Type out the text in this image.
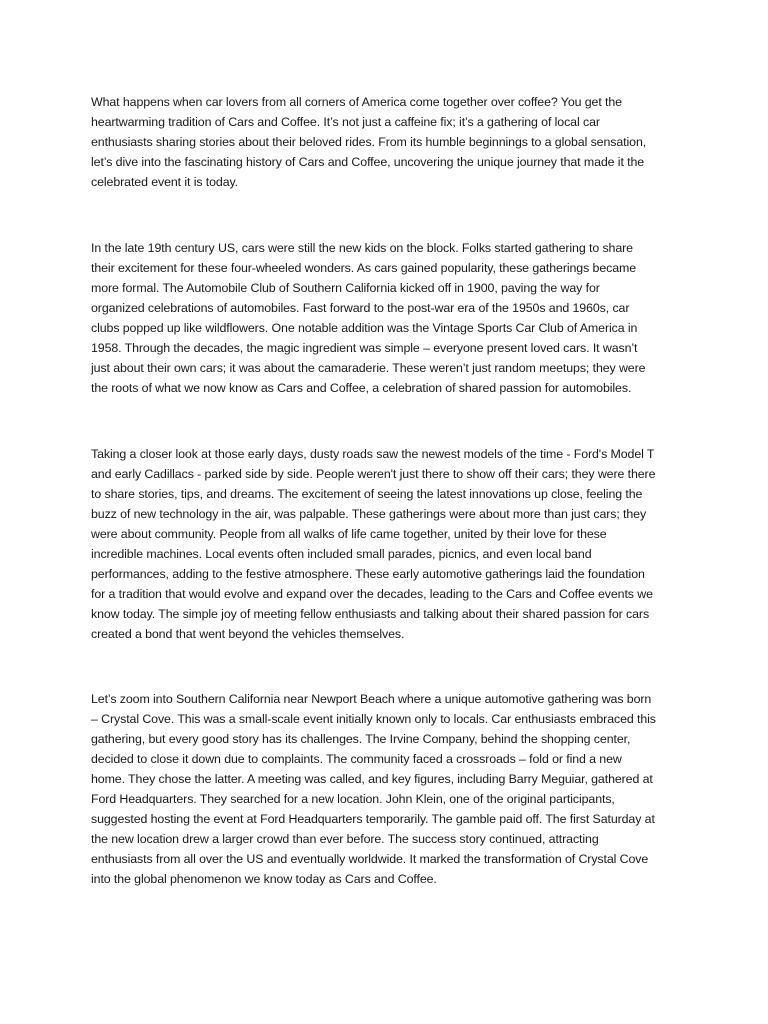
What happens when car lovers from all corners of America come together over coffee? You get the
heartwarming tradition of Cars and Coffee. It’s not just a caffeine fix; it’s a gathering of local car
enthusiasts sharing stories about their beloved rides. From its humble beginnings to a global sensation,
let’s dive into the fascinating history of Cars and Coffee, uncovering the unique journey that made it the
celebrated event it is today.

In the late 19th century US, cars were still the new kids on the block. Folks started gathering to share
their excitement for these four-wheeled wonders. As cars gained popularity, these gatherings became
more formal. The Automobile Club of Southern California kicked off in 1900, paving the way for
organized celebrations of automobiles. Fast forward to the post-war era of the 1950s and 1960s, car
clubs popped up like wildflowers. One notable addition was the Vintage Sports Car Club of America in
1958. Through the decades, the magic ingredient was simple – everyone present loved cars. It wasn’t
just about their own cars; it was about the camaraderie. These weren’t just random meetups; they were
the roots of what we now know as Cars and Coffee, a celebration of shared passion for automobiles.

Taking a closer look at those early days, dusty roads saw the newest models of the time - Ford's Model T
and early Cadillacs - parked side by side. People weren't just there to show off their cars; they were there
to share stories, tips, and dreams. The excitement of seeing the latest innovations up close, feeling the
buzz of new technology in the air, was palpable. These gatherings were about more than just cars; they
were about community. People from all walks of life came together, united by their love for these
incredible machines. Local events often included small parades, picnics, and even local band
performances, adding to the festive atmosphere. These early automotive gatherings laid the foundation
for a tradition that would evolve and expand over the decades, leading to the Cars and Coffee events we
know today. The simple joy of meeting fellow enthusiasts and talking about their shared passion for cars
created a bond that went beyond the vehicles themselves.

Let’s zoom into Southern California near Newport Beach where a unique automotive gathering was born
– Crystal Cove. This was a small-scale event initially known only to locals. Car enthusiasts embraced this
gathering, but every good story has its challenges. The Irvine Company, behind the shopping center,
decided to close it down due to complaints. The community faced a crossroads – fold or find a new
home. They chose the latter. A meeting was called, and key figures, including Barry Meguiar, gathered at
Ford Headquarters. They searched for a new location. John Klein, one of the original participants,
suggested hosting the event at Ford Headquarters temporarily. The gamble paid off. The first Saturday at
the new location drew a larger crowd than ever before. The success story continued, attracting
enthusiasts from all over the US and eventually worldwide. It marked the transformation of Crystal Cove
into the global phenomenon we know today as Cars and Coffee.
